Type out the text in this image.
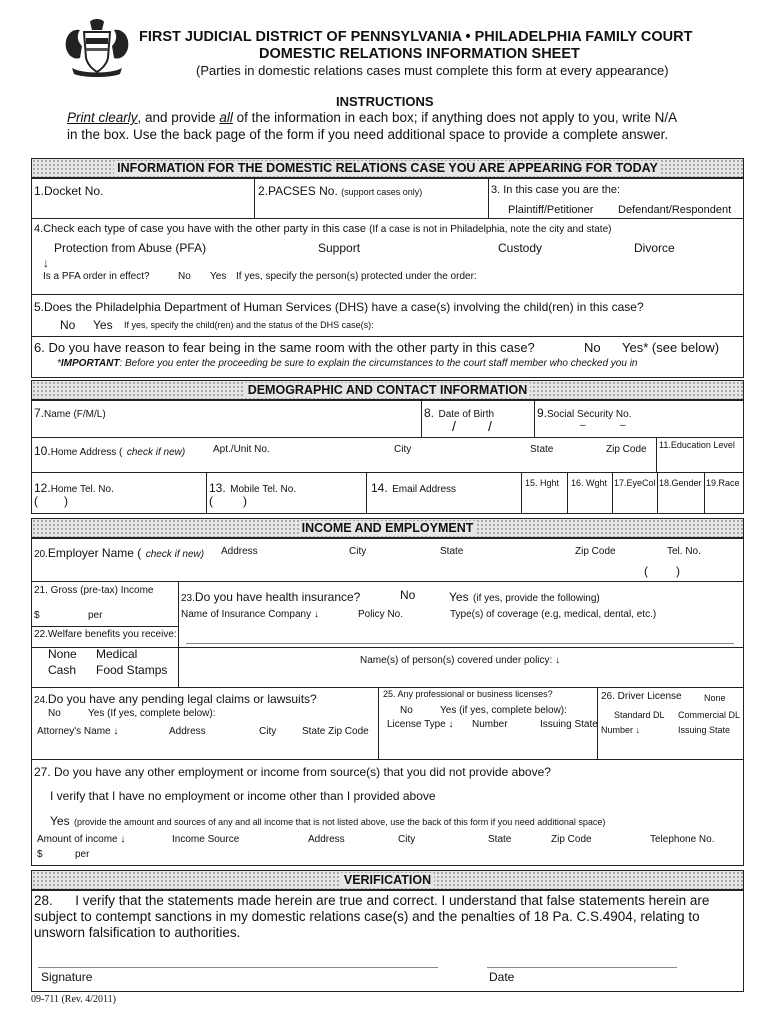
FIRST JUDICIAL DISTRICT OF PENNSYLVANIA • PHILADELPHIA FAMILY COURT
DOMESTIC RELATIONS INFORMATION SHEET
(Parties in domestic relations cases must complete this form at every appearance)
INSTRUCTIONS
Print clearly, and provide all of the information in each box; if anything does not apply to you, write N/A
in the box. Use the back page of the form if you need additional space to provide a complete answer.
INFORMATION FOR THE DOMESTIC RELATIONS CASE YOU ARE APPEARING FOR TODAY
1.Docket No.	2.PACSES No. (support cases only)	3. In this case you are the:
Plaintiff/Petitioner Defendant/Respondent
4.Check each type of case you have with the other party in this case (If a case is not in Philadelphia, note the city and state)
Protection from Abuse (PFA)	Support	Custody	Divorce
↓
Is a PFA order in effect?	No Yes If yes, specify the person(s) protected under the order:
5.Does the Philadelphia Department of Human Services (DHS) have a case(s) involving the child(ren) in this case?
No Yes If yes, specify the child(ren) and the status of the DHS case(s):
6. Do you have reason to fear being in the same room with the other party in this case?	No Yes* (see below)
*IMPORTANT: Before you enter the proceeding be sure to explain the circumstances to the court staff member who checked you in
DEMOGRAPHIC AND CONTACT INFORMATION
7.Name (F/M/L)	8. Date of Birth
/ /
9.Social Security No.
–	–
10.Home Address ( check if new)	Apt./Unit No.	City	State	Zip Code 11.Education Level
12.Home Tel. No.
( )
13. Mobile Tel. No.
(	)
14. Email Address
15. Hght 16. Wght 17.EyeCol 18.Gender 19.Race
INCOME AND EMPLOYMENT
20.Employer Name ( check if new) Address	City	State	Zip Code	Tel. No.
( )
21. Gross (pre-tax) Income
$	per
22.Welfare benefits you receive:
None Medical
Cash Food Stamps
23.Do you have health insurance?	No	Yes (if yes, provide the following)
Name of Insurance Company ↓	Policy No.	Type(s) of coverage (e.g, medical, dental, etc.)
Name(s) of person(s) covered under policy: ↓
24.Do you have any pending legal claims or lawsuits?
No	Yes (If yes, complete below):
Attorney's Name ↓	Address	City	State Zip Code
25. Any professional or business licenses?
No	Yes (if yes, complete below):
License Type ↓ Number	Issuing State
26. Driver License None
Standard DL Commercial DL
Number ↓	Issuing State
27. Do you have any other employment or income from source(s) that you did not provide above?
I verify that I have no employment or income other than I provided above
Yes (provide the amount and sources of any and all income that is not listed above, use the back of this form if you need additional space)
Amount of income ↓	Income Source	Address	City	State	Zip Code	Telephone No.
$	per
VERIFICATION
28. I verify that the statements made herein are true and correct. I understand that false statements herein are
subject to contempt sanctions in my domestic relations case(s) and the penalties of 18 Pa. C.S.4904, relating to
unsworn falsification to authorities.
Signature	Date
09-711 (Rev. 4/2011)
